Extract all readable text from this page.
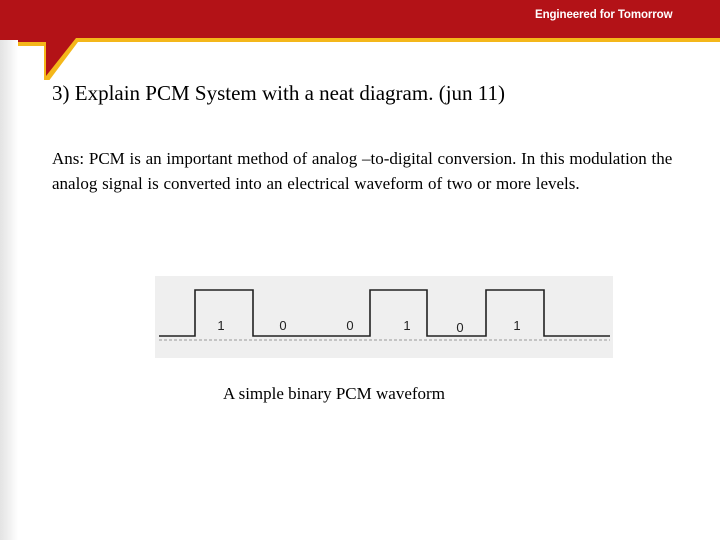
Engineered for Tomorrow
3) Explain PCM System with a neat diagram. (jun 11)
Ans: PCM is an important method of analog –to-digital conversion. In this modulation the analog signal is converted into an electrical waveform of two or more levels.
1	0	0	1	0	1
A simple binary PCM waveform
